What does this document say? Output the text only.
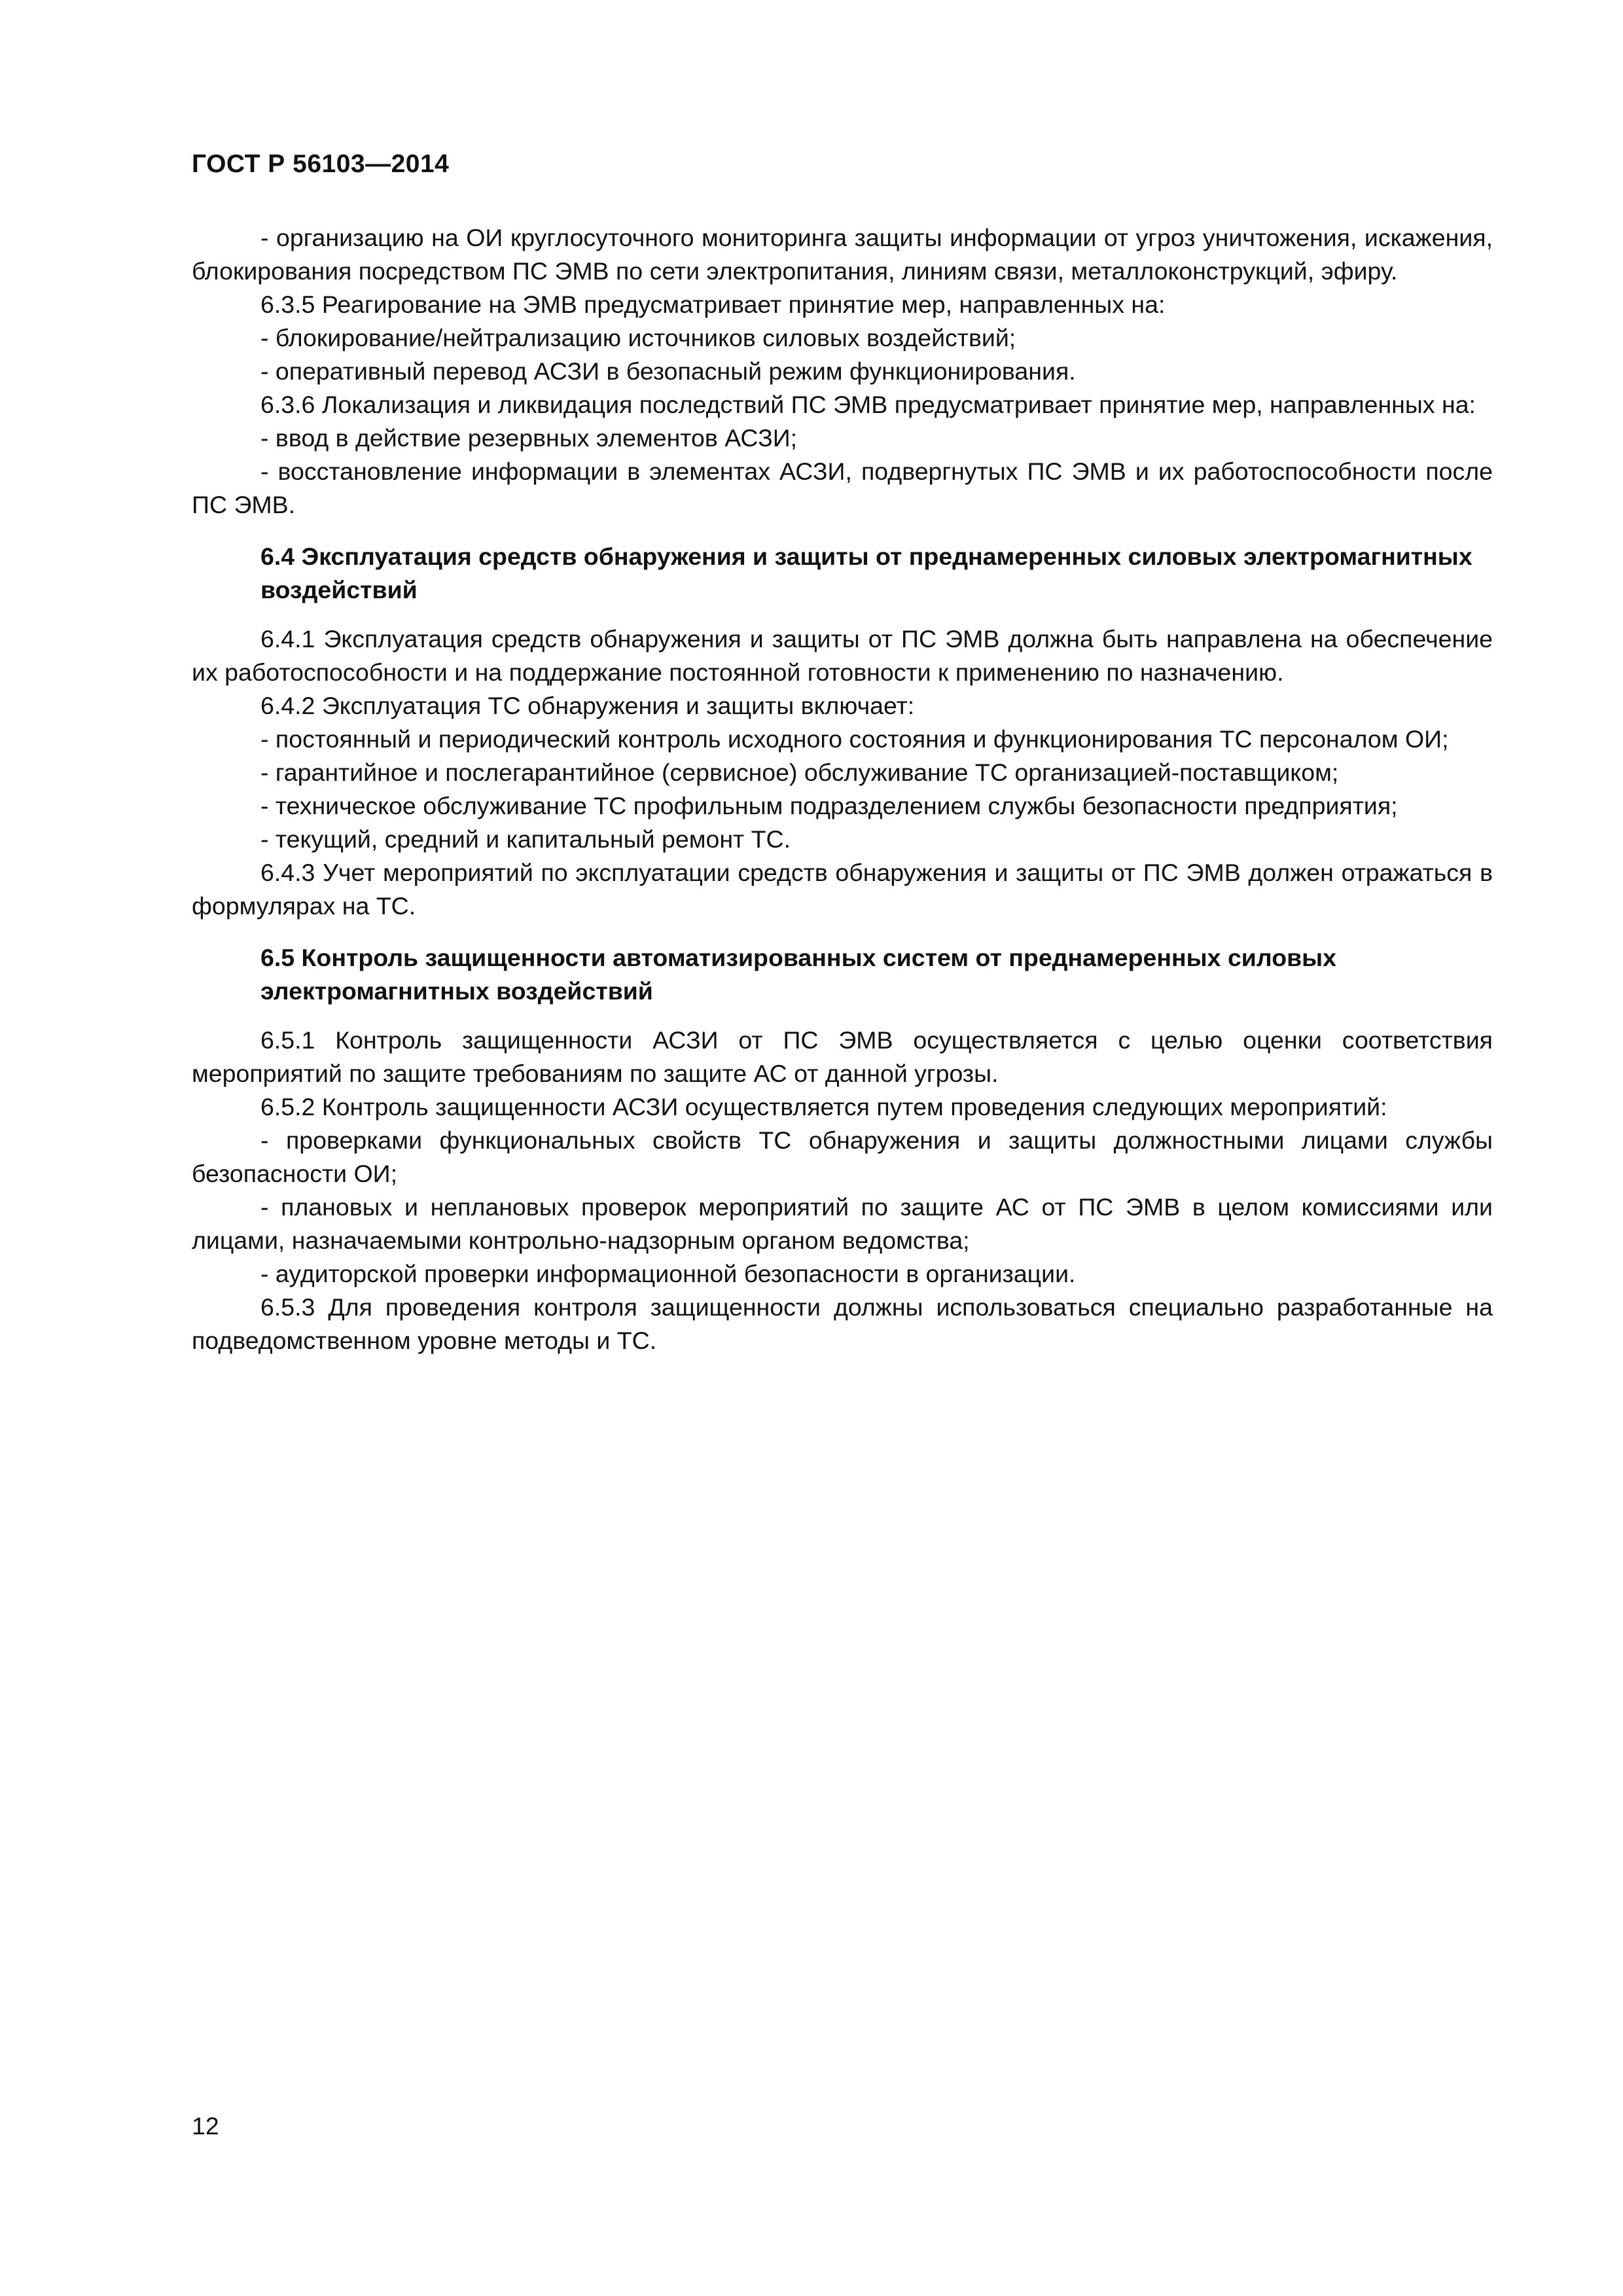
ГОСТ Р 56103—2014

- организацию на ОИ круглосуточного мониторинга защиты информации от угроз уничтожения, искажения, блокирования посредством ПС ЭМВ по сети электропитания, линиям связи, металлоконструкций, эфиру.

6.3.5 Реагирование на ЭМВ предусматривает принятие мер, направленных на:

- блокирование/нейтрализацию источников силовых воздействий;

- оперативный перевод АСЗИ в безопасный режим функционирования.

6.3.6 Локализация и ликвидация последствий ПС ЭМВ предусматривает принятие мер, направленных на:

- ввод в действие резервных элементов АСЗИ;

- восстановление информации в элементах АСЗИ, подвергнутых ПС ЭМВ и их работоспособности после ПС ЭМВ.

6.4 Эксплуатация средств обнаружения и защиты от преднамеренных силовых электромагнитных воздействий

6.4.1 Эксплуатация средств обнаружения и защиты от ПС ЭМВ должна быть направлена на обеспечение их работоспособности и на поддержание постоянной готовности к применению по назначению.

6.4.2 Эксплуатация ТС обнаружения и защиты включает:

- постоянный и периодический контроль исходного состояния и функционирования ТС персоналом ОИ;

- гарантийное и послегарантийное (сервисное) обслуживание ТС организацией-поставщиком;

- техническое обслуживание ТС профильным подразделением службы безопасности предприятия;

- текущий, средний и капитальный ремонт ТС.

6.4.3 Учет мероприятий по эксплуатации средств обнаружения и защиты от ПС ЭМВ должен отражаться в формулярах на ТС.

6.5 Контроль защищенности автоматизированных систем от преднамеренных силовых электромагнитных воздействий

6.5.1 Контроль защищенности АСЗИ от ПС ЭМВ осуществляется с целью оценки соответствия мероприятий по защите требованиям по защите АС от данной угрозы.

6.5.2 Контроль защищенности АСЗИ осуществляется путем проведения следующих мероприятий:

- проверками функциональных свойств ТС обнаружения и защиты должностными лицами службы безопасности ОИ;

- плановых и неплановых проверок мероприятий по защите АС от ПС ЭМВ в целом комиссиями или лицами, назначаемыми контрольно-надзорным органом ведомства;

- аудиторской проверки информационной безопасности в организации.

6.5.3 Для проведения контроля защищенности должны использоваться специально разработанные на подведомственном уровне методы и ТС.

12
